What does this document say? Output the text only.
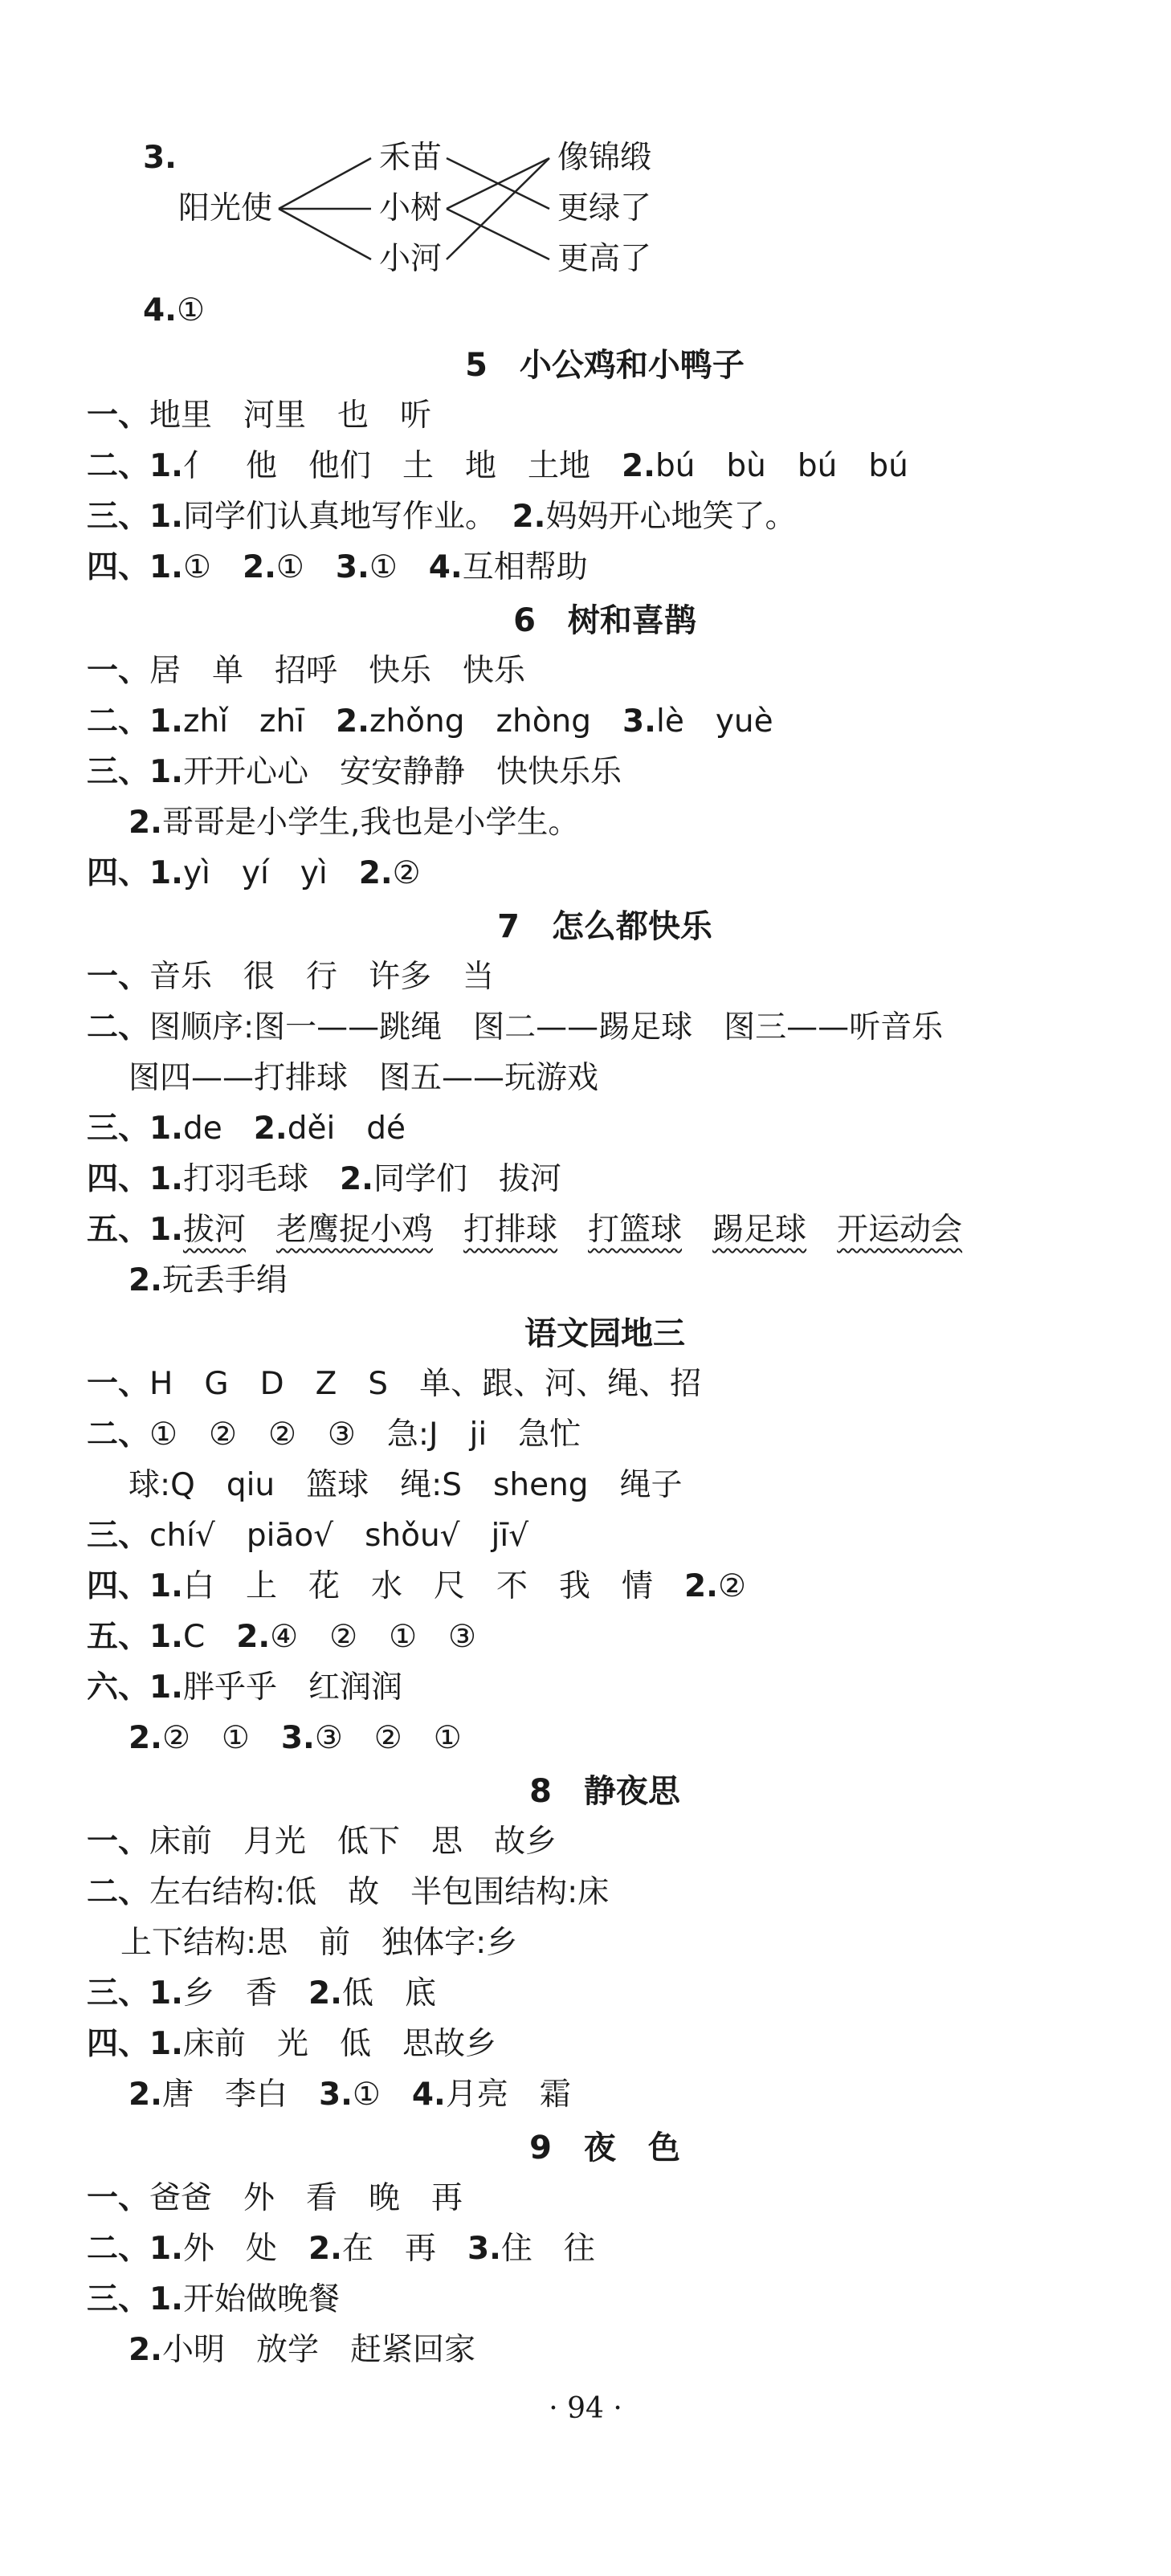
3.
阳光使
禾苗
小树
小河
像锦缎
更绿了
更高了
4.①
5　小公鸡和小鸭子
一、地里　河里　也　听
二、1.亻　他　他们　土　地　土地　2.bú　bù　bú　bú
三、1.同学们认真地写作业。　2.妈妈开心地笑了。
四、1.①　2.①　3.①　4.互相帮助
6　树和喜鹊
一、居　单　招呼　快乐　快乐
二、1.zhǐ　zhī　2.zhǒng　zhòng　3.lè　yuè
三、1.开开心心　安安静静　快快乐乐
2.哥哥是小学生,我也是小学生。
四、1.yì　yí　yì　2.②
7　怎么都快乐
一、音乐　很　行　许多　当
二、图顺序:图一——跳绳　图二——踢足球　图三——听音乐
图四——打排球　图五——玩游戏
三、1.de　2.děi　dé
四、1.打羽毛球　2.同学们　拔河
五、1.拔河 老鹰捉小鸡 打排球 打篮球 踢足球 开运动会
2.玩丢手绢
语文园地三
一、H　G　D　Z　S　单、跟、河、绳、招
二、①　②　②　③　急:J　ji　急忙
球:Q　qiu　篮球　绳:S　sheng　绳子
三、chí√　piāo√　shǒu√　jī√
四、1.白　上　花　水　尺　不　我　情　2.②
五、1.C　2.④　②　①　③
六、1.胖乎乎　红润润
2.②　①　3.③　②　①
8　静夜思
一、床前　月光　低下　思　故乡
二、左右结构:低　故　半包围结构:床
上下结构:思　前　独体字:乡
三、1.乡　香　2.低　底
四、1.床前　光　低　思故乡
2.唐　李白　3.①　4.月亮　霜
9　夜　色
一、爸爸　外　看　晚　再
二、1.外　处　2.在　再　3.住　往
三、1.开始做晚餐
2.小明　放学　赶紧回家
· 94 ·
